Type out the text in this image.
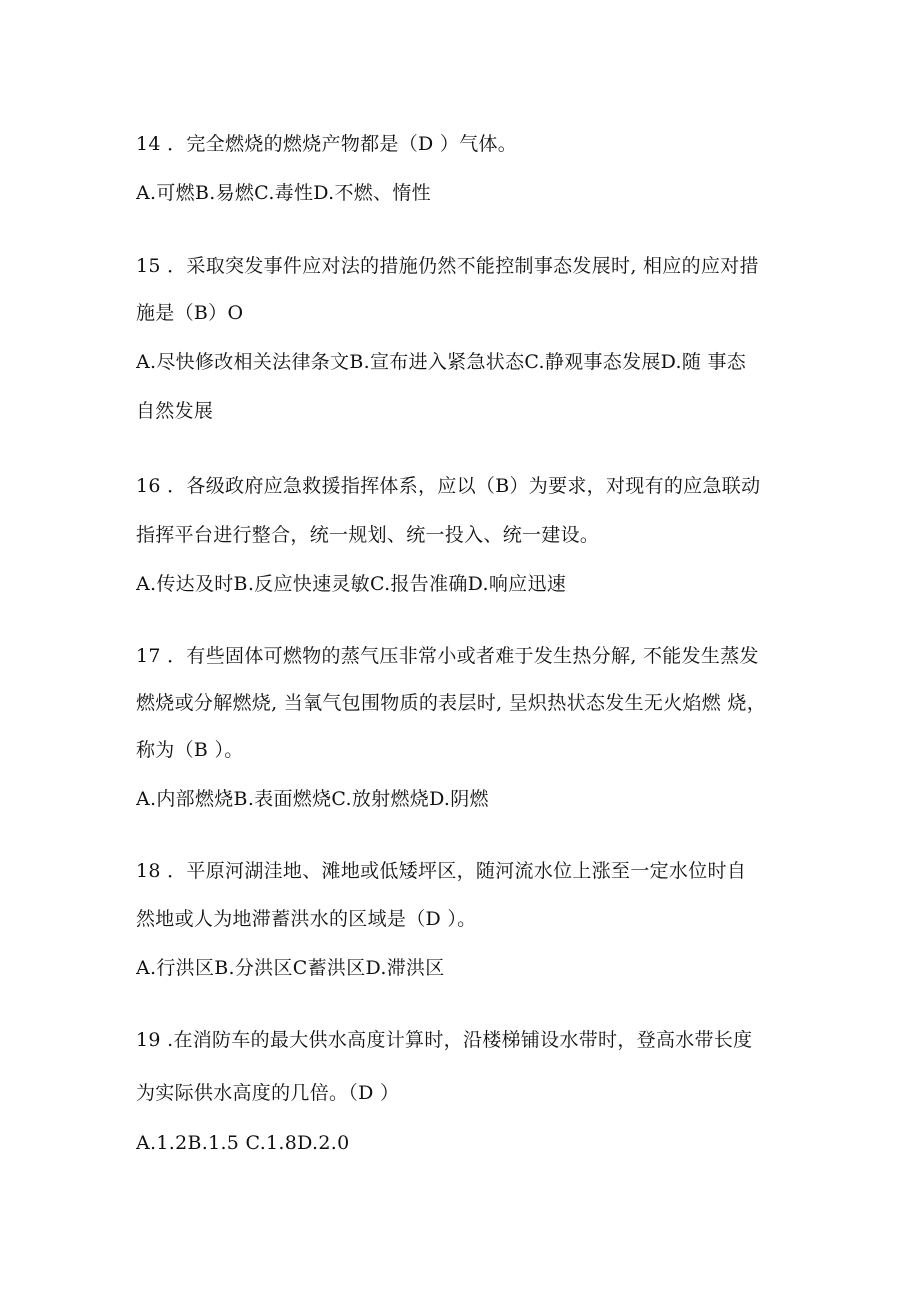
14 ．完全燃烧的燃烧产物都是（D ）气体。
A.可燃B.易燃C.毒性D.不燃、惰性
15 ．采取突发事件应对法的措施仍然不能控制事态发展时, 相应的应对措
施是（B）O
A.尽快修改相关法律条文B.宣布进入紧急状态C.静观事态发展D.随 事态
自然发展
16 ．各级政府应急救援指挥体系，应以（B）为要求，对现有的应急联动
指挥平台进行整合，统一规划、统一投入、统一建设。
A.传达及时B.反应快速灵敏C.报告准确D.响应迅速
17 ．有些固体可燃物的蒸气压非常小或者难于发生热分解, 不能发生蒸发
燃烧或分解燃烧, 当氧气包围物质的表层时, 呈炽热状态发生无火焰燃 烧，
称为（B ）。
A.内部燃烧B.表面燃烧C.放射燃烧D.阴燃
18 ．平原河湖洼地、滩地或低矮坪区，随河流水位上涨至一定水位时自
然地或人为地滞蓄洪水的区域是（D ）。
A.行洪区B.分洪区C蓄洪区D.滞洪区
19 .在消防车的最大供水高度计算时，沿楼梯铺设水带时，登高水带长度
为实际供水高度的几倍。（D ）
A.1.2B.1.5 C.1.8D.2.0
